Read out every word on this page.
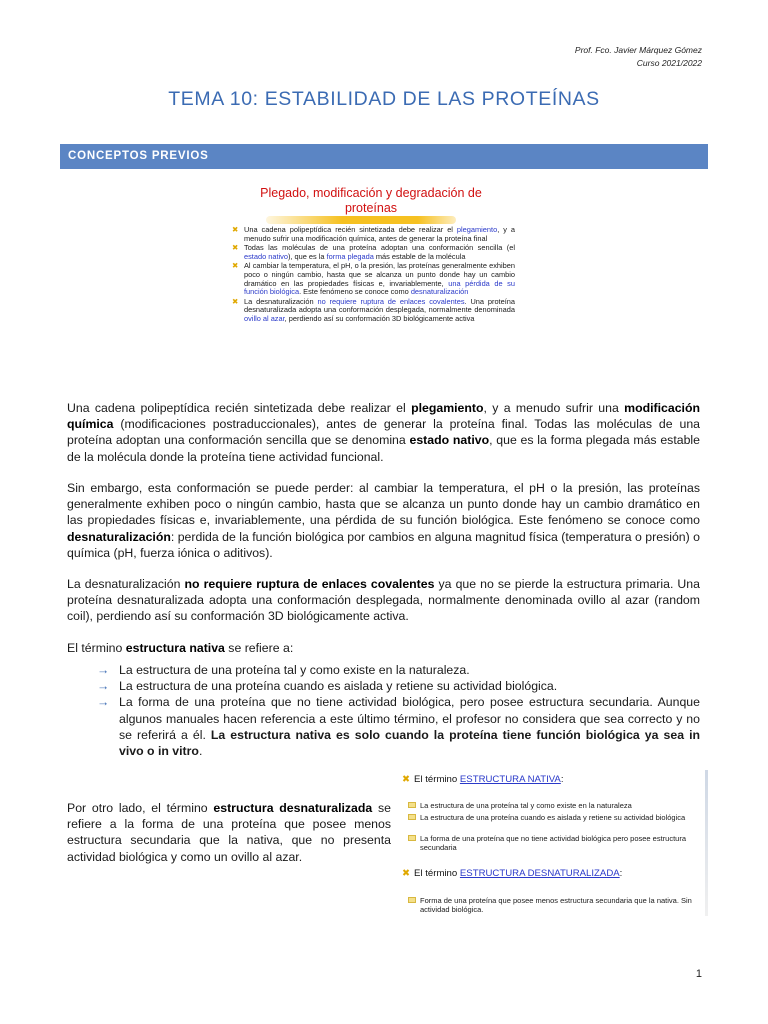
Prof. Fco. Javier Márquez Gómez
Curso 2021/2022
TEMA 10: ESTABILIDAD DE LAS PROTEÍNAS
CONCEPTOS PREVIOS
Plegado, modificación y degradación de
proteínas
✖ Una cadena polipeptídica recién sintetizada debe realizar el plegamiento, y a menudo sufrir una modificación química, antes de generar la proteína final
✖ Todas las moléculas de una proteína adoptan una conformación sencilla (el estado nativo), que es la forma plegada más estable de la molécula
✖ Al cambiar la temperatura, el pH, o la presión, las proteínas generalmente exhiben poco o ningún cambio, hasta que se alcanza un punto donde hay un cambio dramático en las propiedades físicas e, invariablemente, una pérdida de su función biológica. Este fenómeno se conoce como desnaturalización
✖ La desnaturalización no requiere ruptura de enlaces covalentes. Una proteína desnaturalizada adopta una conformación desplegada, normalmente denominada ovillo al azar, perdiendo así su conformación 3D biológicamente activa
Una cadena polipeptídica recién sintetizada debe realizar el plegamiento, y a menudo sufrir una modificación química (modificaciones postraduccionales), antes de generar la proteína final. Todas las moléculas de una proteína adoptan una conformación sencilla que se denomina estado nativo, que es la forma plegada más estable de la molécula donde la proteína tiene actividad funcional.
Sin embargo, esta conformación se puede perder: al cambiar la temperatura, el pH o la presión, las proteínas generalmente exhiben poco o ningún cambio, hasta que se alcanza un punto donde hay un cambio dramático en las propiedades físicas e, invariablemente, una pérdida de su función biológica. Este fenómeno se conoce como desnaturalización: perdida de la función biológica por cambios en alguna magnitud física (temperatura o presión) o química (pH, fuerza iónica o aditivos).
La desnaturalización no requiere ruptura de enlaces covalentes ya que no se pierde la estructura primaria. Una proteína desnaturalizada adopta una conformación desplegada, normalmente denominada ovillo al azar (random coil), perdiendo así su conformación 3D biológicamente activa.
El término estructura nativa se refiere a:
→ La estructura de una proteína tal y como existe en la naturaleza.
→ La estructura de una proteína cuando es aislada y retiene su actividad biológica.
→ La forma de una proteína que no tiene actividad biológica, pero posee estructura secundaria. Aunque algunos manuales hacen referencia a este último término, el profesor no considera que sea correcto y no se referirá a él. La estructura nativa es solo cuando la proteína tiene función biológica ya sea in vivo o in vitro.
Por otro lado, el término estructura desnaturalizada se refiere a la forma de una proteína que posee menos estructura secundaria que la nativa, que no presenta actividad biológica y como un ovillo al azar.
✖ El término ESTRUCTURA NATIVA:
La estructura de una proteína tal y como existe en la naturaleza
La estructura de una proteína cuando es aislada y retiene su actividad biológica
La forma de una proteína que no tiene actividad biológica pero posee estructura secundaria
✖ El término ESTRUCTURA DESNATURALIZADA:
Forma de una proteína que posee menos estructura secundaria que la nativa. Sin actividad biológica.
1
